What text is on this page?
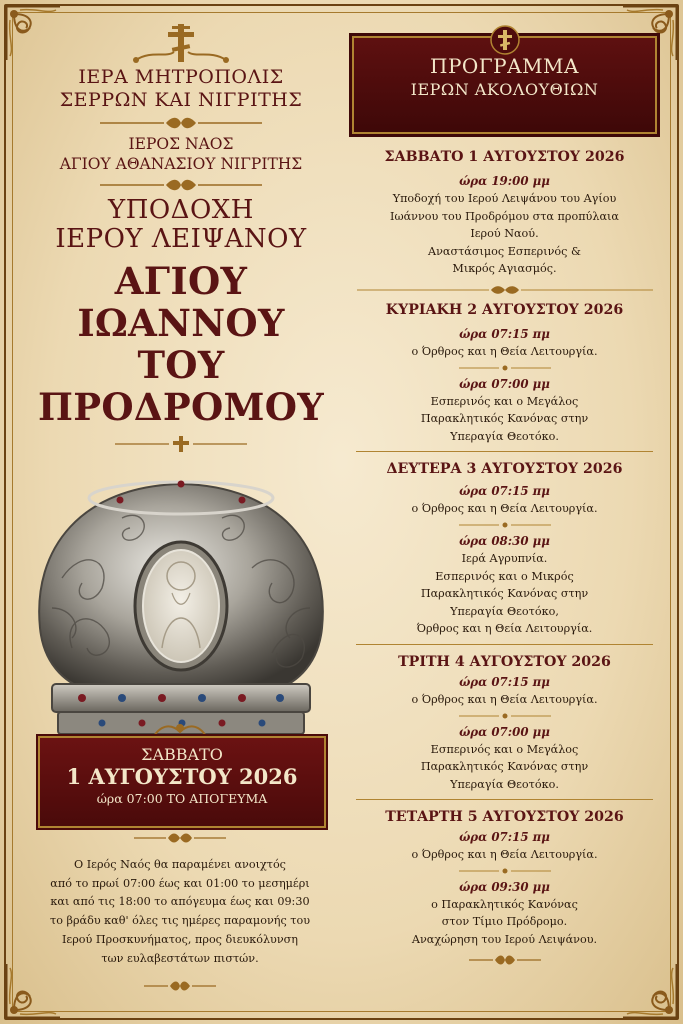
ΙΕΡΑ ΜΗΤΡΟΠΟΛΙΣ
ΣΕΡΡΩΝ ΚΑΙ ΝΙΓΡΙΤΗΣ
ΙΕΡΟΣ ΝΑΟΣ
ΑΓΙΟΥ ΑΘΑΝΑΣΙΟΥ ΝΙΓΡΙΤΗΣ
ΥΠΟΔΟΧΗ
ΙΕΡΟΥ ΛΕΙΨΑΝΟΥ
ΑΓΙΟΥ ΙΩΑΝΝΟΥ
ΤΟΥ ΠΡΟΔΡΟΜΟΥ
ΣΑΒΒΑΤΟ
1 ΑΥΓΟΥΣΤΟΥ 2026
ώρα 07:00 ΤΟ ΑΠΟΓΕΥΜΑ
Ο Ιερός Ναός θα παραμένει ανοιχτός
από το πρωί 07:00 έως και 01:00 το μεσημέρι
και από τις 18:00 το απόγευμα έως και 09:30
το βράδυ καθ' όλες τις ημέρες παραμονής του
Ιερού Προσκυνήματος, προς διευκόλυνση
των ευλαβεστάτων πιστών.
ΠΡΟΓΡΑΜΜΑ
ΙΕΡΩΝ ΑΚΟΛΟΥΘΙΩΝ
ΣΑΒΒΑΤΟ 1 ΑΥΓΟΥΣΤΟΥ 2026
ώρα 19:00 μμ
Υποδοχή του Ιερού Λειψάνου του Αγίου
Ιωάννου του Προδρόμου στα προπύλαια
Ιερού Ναού.
Αναστάσιμος Εσπερινός &
Μικρός Αγιασμός.
ΚΥΡΙΑΚΗ 2 ΑΥΓΟΥΣΤΟΥ 2026
ώρα 07:15 πμ
ο Όρθρος και η Θεία Λειτουργία.
ώρα 07:00 μμ
Εσπερινός και ο Μεγάλος
Παρακλητικός Κανόνας στην
Υπεραγία Θεοτόκο.
ΔΕΥΤΕΡΑ 3 ΑΥΓΟΥΣΤΟΥ 2026
ώρα 07:15 πμ
ο Όρθρος και η Θεία Λειτουργία.
ώρα 08:30 μμ
Ιερά Αγρυπνία.
Εσπερινός και ο Μικρός
Παρακλητικός Κανόνας στην
Υπεραγία Θεοτόκο,
Όρθρος και η Θεία Λειτουργία.
ΤΡΙΤΗ 4 ΑΥΓΟΥΣΤΟΥ 2026
ώρα 07:15 πμ
ο Όρθρος και η Θεία Λειτουργία.
ώρα 07:00 μμ
Εσπερινός και ο Μεγάλος
Παρακλητικός Κανόνας στην
Υπεραγία Θεοτόκο.
ΤΕΤΑΡΤΗ 5 ΑΥΓΟΥΣΤΟΥ 2026
ώρα 07:15 πμ
ο Όρθρος και η Θεία Λειτουργία.
ώρα 09:30 μμ
ο Παρακλητικός Κανόνας
στον Τίμιο Πρόδρομο.
Αναχώρηση του Ιερού Λειψάνου.
